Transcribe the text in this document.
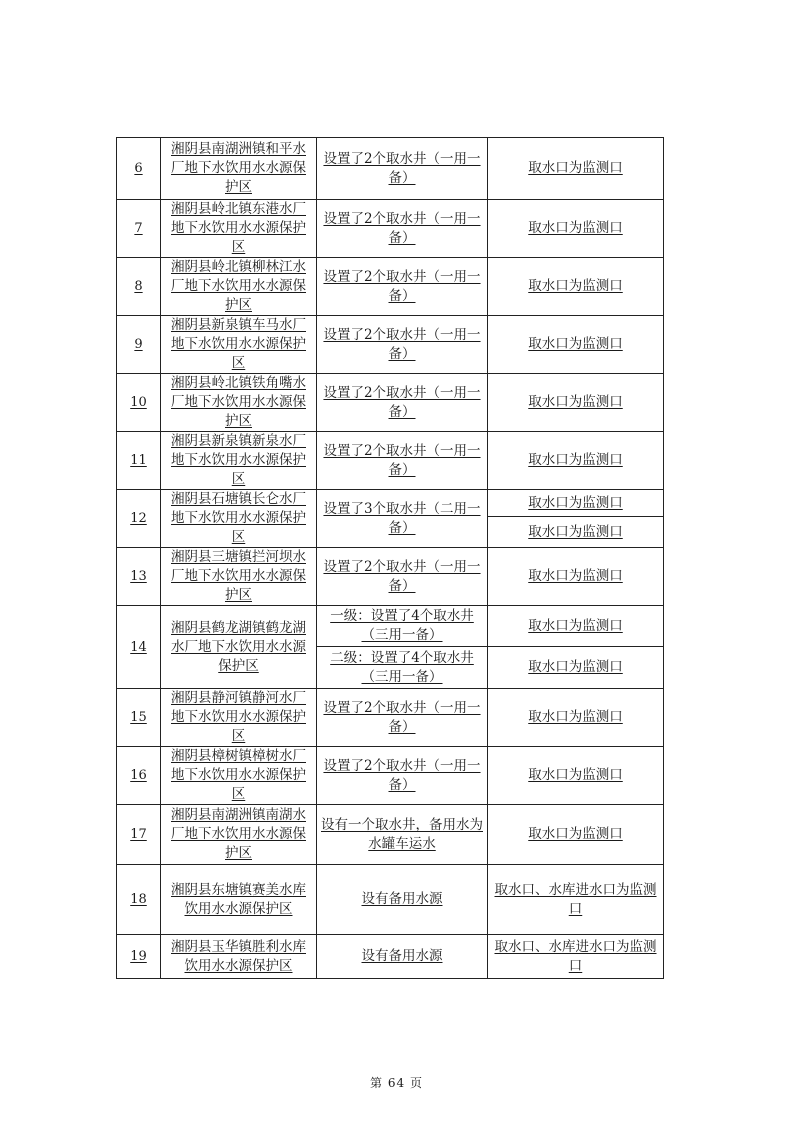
6	湘阴县南湖洲镇和平水厂地下水饮用水水源保护区	设置了2个取水井（一用一备）	取水口为监测口
7	湘阴县岭北镇东港水厂地下水饮用水水源保护区	设置了2个取水井（一用一备）	取水口为监测口
8	湘阴县岭北镇柳林江水厂地下水饮用水水源保护区	设置了2个取水井（一用一备）	取水口为监测口
9	湘阴县新泉镇车马水厂地下水饮用水水源保护区	设置了2个取水井（一用一备）	取水口为监测口
10	湘阴县岭北镇铁角嘴水厂地下水饮用水水源保护区	设置了2个取水井（一用一备）	取水口为监测口
11	湘阴县新泉镇新泉水厂地下水饮用水水源保护区	设置了2个取水井（一用一备）	取水口为监测口
12	湘阴县石塘镇长仑水厂地下水饮用水水源保护区	设置了3个取水井（二用一备）	取水口为监测口
			取水口为监测口
13	湘阴县三塘镇拦河坝水厂地下水饮用水水源保护区	设置了2个取水井（一用一备）	取水口为监测口
14	湘阴县鹤龙湖镇鹤龙湖水厂地下水饮用水水源保护区	一级：设置了4个取水井（三用一备）	取水口为监测口
		二级：设置了4个取水井（三用一备）	取水口为监测口
15	湘阴县静河镇静河水厂地下水饮用水水源保护区	设置了2个取水井（一用一备）	取水口为监测口
16	湘阴县樟树镇樟树水厂地下水饮用水水源保护区	设置了2个取水井（一用一备）	取水口为监测口
17	湘阴县南湖洲镇南湖水厂地下水饮用水水源保护区	设有一个取水井，备用水为水罐车运水	取水口为监测口
18	湘阴县东塘镇赛美水库饮用水水源保护区	设有备用水源	取水口、水库进水口为监测口
19	湘阴县玉华镇胜利水库饮用水水源保护区	设有备用水源	取水口、水库进水口为监测口
第 64 页
